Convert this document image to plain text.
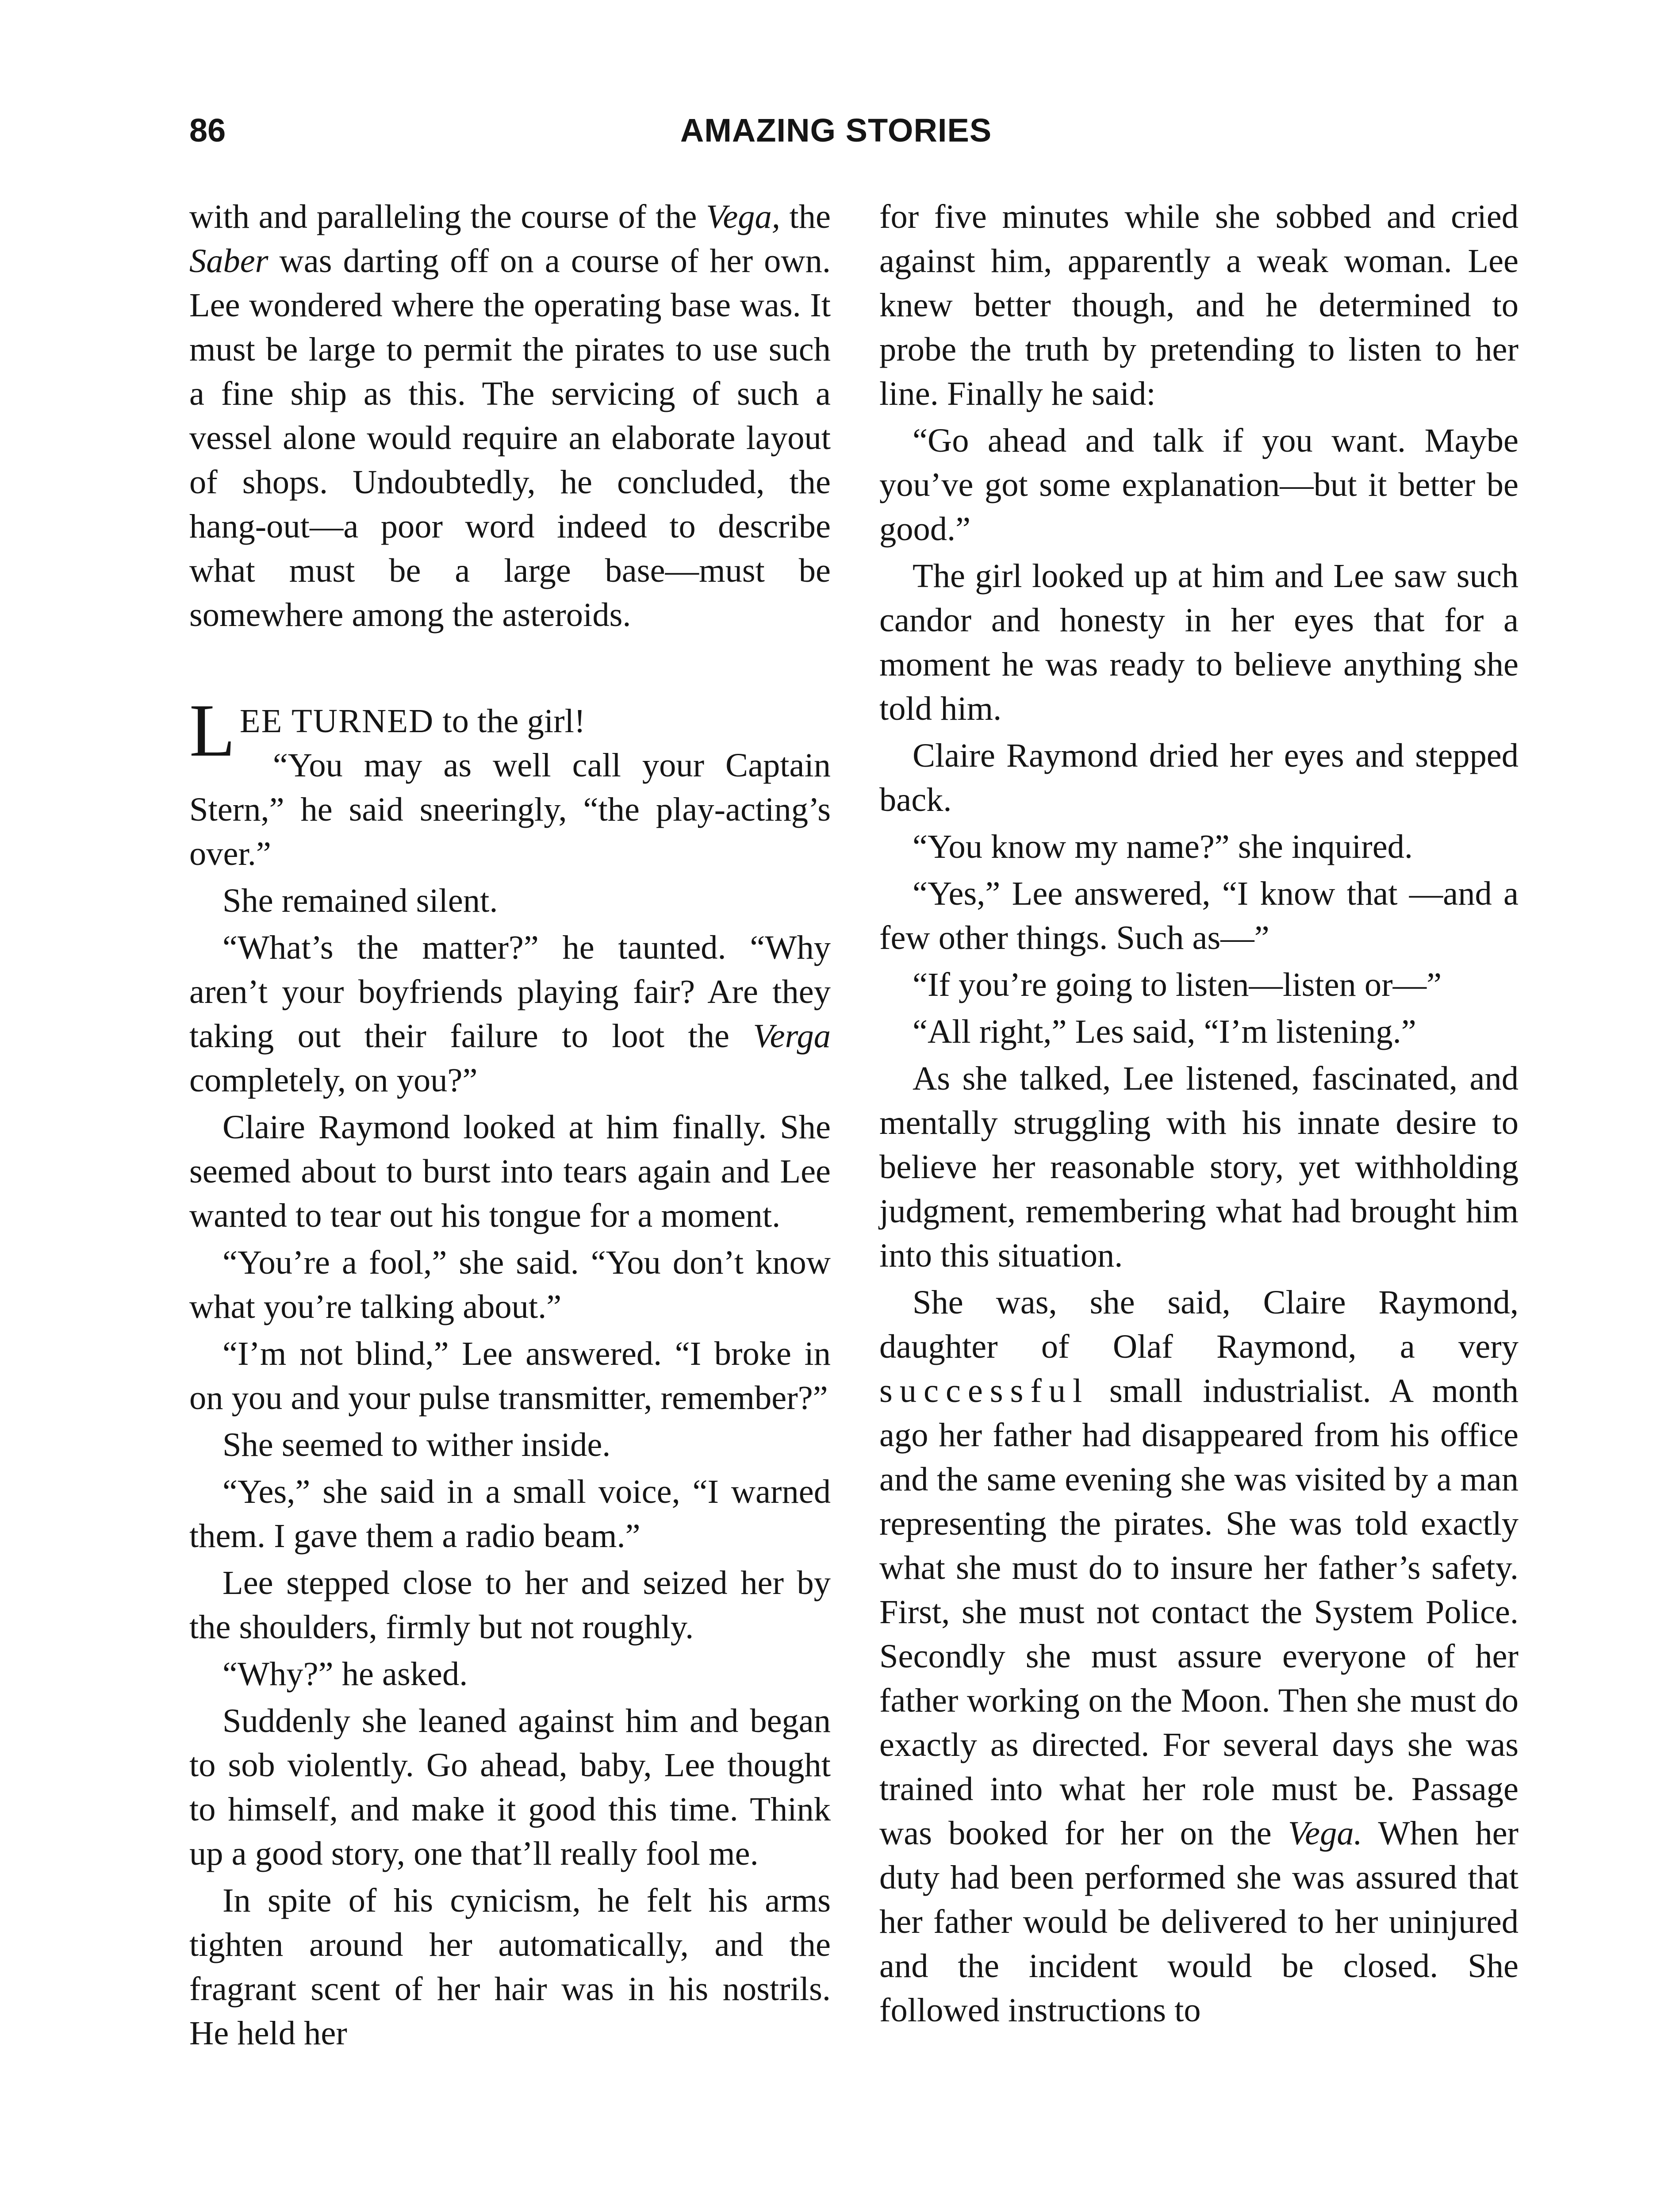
86	AMAZING STORIES

with and paralleling the course of the Vega, the Saber was darting off on a course of her own. Lee wondered where the operating base was. It must be large to permit the pirates to use such a fine ship as this. The servicing of such a vessel alone would require an elaborate layout of shops. Undoubtedly, he concluded, the hang-out—a poor word indeed to describe what must be a large base—must be somewhere among the asteroids.

LEE TURNED to the girl!

“You may as well call your Captain Stern,” he said sneeringly, “the play-acting’s over.”

She remained silent.

“What’s the matter?” he taunted. “Why aren’t your boyfriends playing fair? Are they taking out their failure to loot the Verga completely, on you?”

Claire Raymond looked at him finally. She seemed about to burst into tears again and Lee wanted to tear out his tongue for a moment.

“You’re a fool,” she said. “You don’t know what you’re talking about.”

“I’m not blind,” Lee answered. “I broke in on you and your pulse transmitter, remember?”

She seemed to wither inside.

“Yes,” she said in a small voice, “I warned them. I gave them a radio beam.”

Lee stepped close to her and seized her by the shoulders, firmly but not roughly.

“Why?” he asked.

Suddenly she leaned against him and began to sob violently. Go ahead, baby, Lee thought to himself, and make it good this time. Think up a good story, one that’ll really fool me.

In spite of his cynicism, he felt his arms tighten around her automatically, and the fragrant scent of her hair was in his nostrils. He held her

for five minutes while she sobbed and cried against him, apparently a weak woman. Lee knew better though, and he determined to probe the truth by pretending to listen to her line. Finally he said:

“Go ahead and talk if you want. Maybe you’ve got some explanation—but it better be good.”

The girl looked up at him and Lee saw such candor and honesty in her eyes that for a moment he was ready to believe anything she told him.

Claire Raymond dried her eyes and stepped back.

“You know my name?” she inquired.

“Yes,” Lee answered, “I know that —and a few other things. Such as—”

“If you’re going to listen—listen or—”

“All right,” Les said, “I’m listening.”

As she talked, Lee listened, fascinated, and mentally struggling with his innate desire to believe her reasonable story, yet withholding judgment, remembering what had brought him into this situation.

She was, she said, Claire Raymond, daughter of Olaf Raymond, a very successful small industrialist. A month ago her father had disappeared from his office and the same evening she was visited by a man representing the pirates. She was told exactly what she must do to insure her father’s safety. First, she must not contact the System Police. Secondly she must assure everyone of her father working on the Moon. Then she must do exactly as directed. For several days she was trained into what her role must be. Passage was booked for her on the Vega. When her duty had been performed she was assured that her father would be delivered to her uninjured and the incident would be closed. She followed instructions to
